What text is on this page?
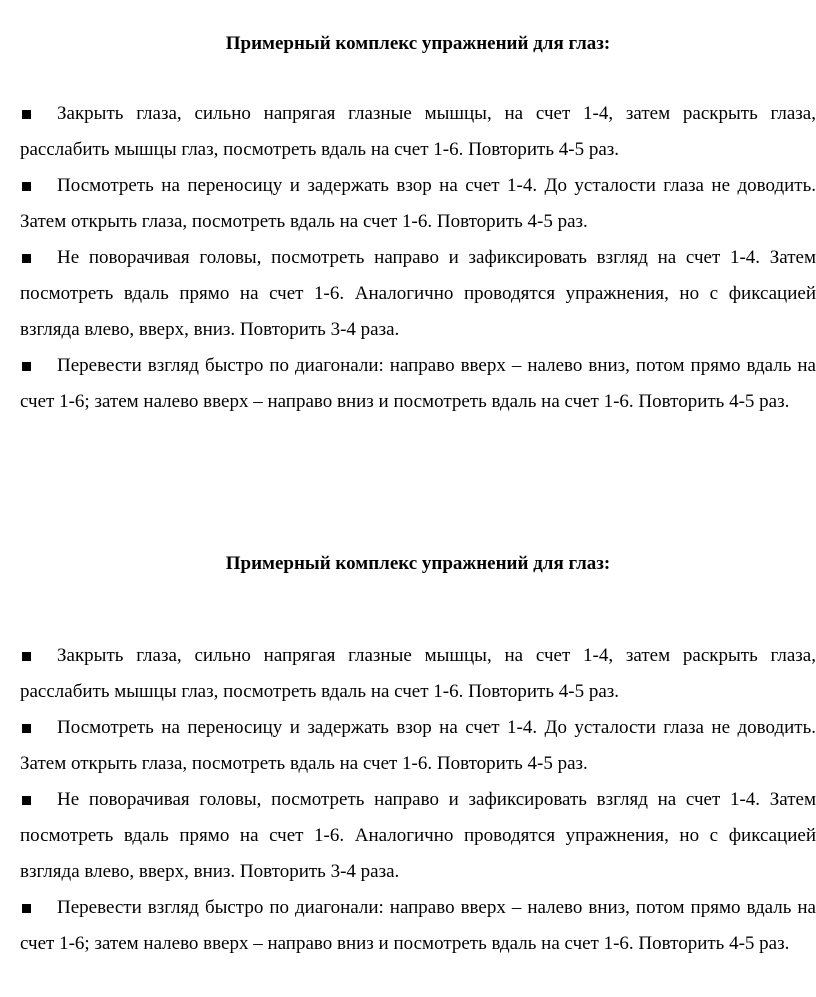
Примерный комплекс упражнений для глаз:
Закрыть глаза, сильно напрягая глазные мышцы, на счет 1-4, затем раскрыть глаза, расслабить мышцы глаз, посмотреть вдаль на счет 1-6. Повторить 4-5 раз.
Посмотреть на переносицу и задержать взор на счет 1-4. До усталости глаза не доводить. Затем открыть глаза, посмотреть вдаль на счет 1-6. Повторить 4-5 раз.
Не поворачивая головы, посмотреть направо и зафиксировать взгляд на счет 1-4. Затем посмотреть вдаль прямо на счет 1-6. Аналогично проводятся упражнения, но с фиксацией взгляда влево, вверх, вниз. Повторить 3-4 раза.
Перевести взгляд быстро по диагонали: направо вверх – налево вниз, потом прямо вдаль на счет 1-6; затем налево вверх – направо вниз и посмотреть вдаль на счет 1-6. Повторить 4-5 раз.
Примерный комплекс упражнений для глаз:
Закрыть глаза, сильно напрягая глазные мышцы, на счет 1-4, затем раскрыть глаза, расслабить мышцы глаз, посмотреть вдаль на счет 1-6. Повторить 4-5 раз.
Посмотреть на переносицу и задержать взор на счет 1-4. До усталости глаза не доводить. Затем открыть глаза, посмотреть вдаль на счет 1-6. Повторить 4-5 раз.
Не поворачивая головы, посмотреть направо и зафиксировать взгляд на счет 1-4. Затем посмотреть вдаль прямо на счет 1-6. Аналогично проводятся упражнения, но с фиксацией взгляда влево, вверх, вниз. Повторить 3-4 раза.
Перевести взгляд быстро по диагонали: направо вверх – налево вниз, потом прямо вдаль на счет 1-6; затем налево вверх – направо вниз и посмотреть вдаль на счет 1-6. Повторить 4-5 раз.
